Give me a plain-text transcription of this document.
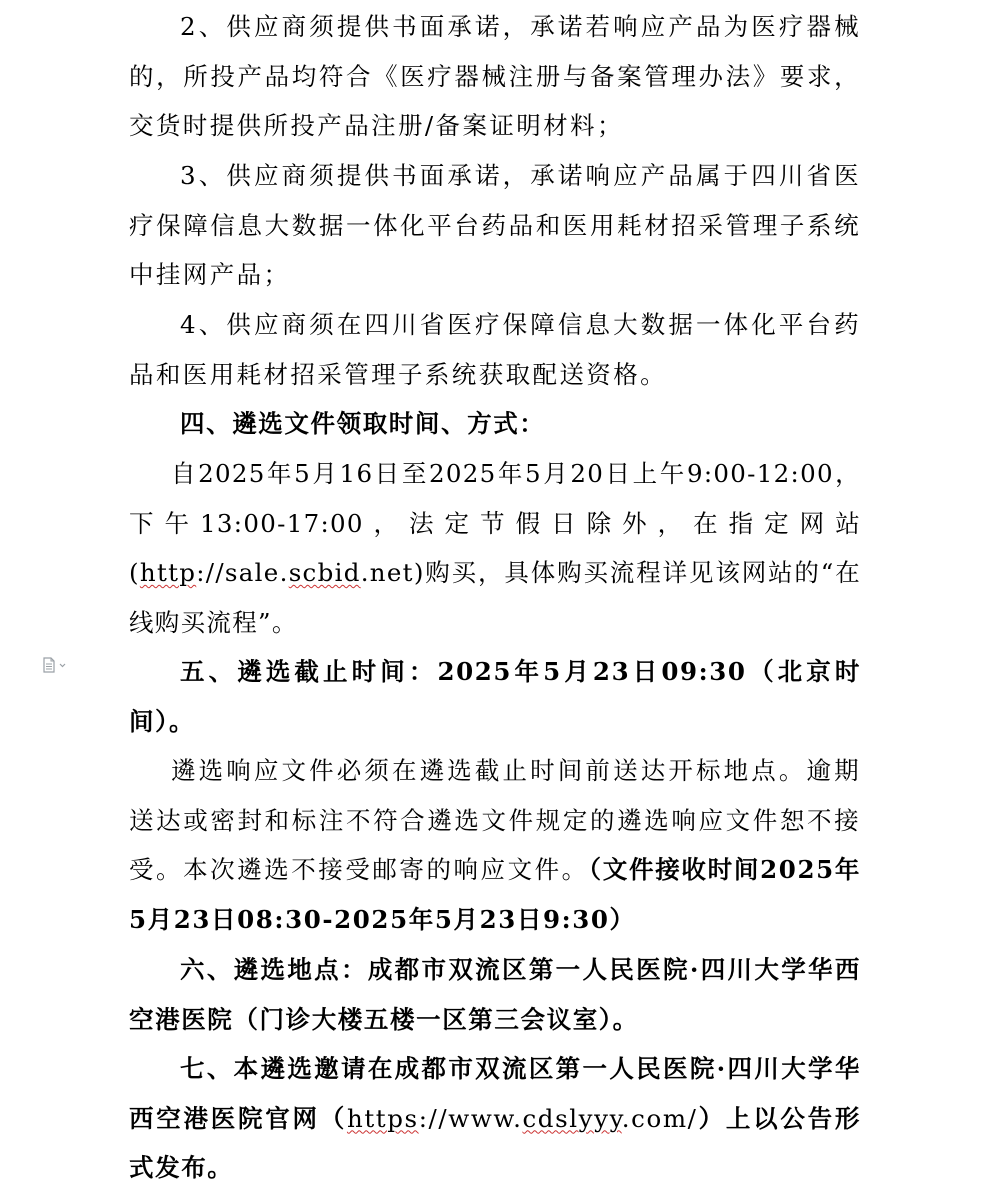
2、供应商须提供书面承诺，承诺若响应产品为医疗器械的，所投产品均符合《医疗器械注册与备案管理办法》要求，交货时提供所投产品注册/备案证明材料；

3、供应商须提供书面承诺，承诺响应产品属于四川省医疗保障信息大数据一体化平台药品和医用耗材招采管理子系统中挂网产品；

4、供应商须在四川省医疗保障信息大数据一体化平台药品和医用耗材招采管理子系统获取配送资格。

四、遴选文件领取时间、方式：

自2025年5月16日至2025年5月20日上午9:00-12:00，下午13:00-17:00，法定节假日除外，在指定网站(http://sale.scbid.net)购买，具体购买流程详见该网站的“在线购买流程”。

五、遴选截止时间：2025年5月23日09:30（北京时间）。

遴选响应文件必须在遴选截止时间前送达开标地点。逾期送达或密封和标注不符合遴选文件规定的遴选响应文件恕不接受。本次遴选不接受邮寄的响应文件。（文件接收时间2025年5月23日08:30-2025年5月23日9:30）

六、遴选地点：成都市双流区第一人民医院·四川大学华西空港医院（门诊大楼五楼一区第三会议室）。

七、本遴选邀请在成都市双流区第一人民医院·四川大学华西空港医院官网（https://www.cdslyyy.com/）上以公告形式发布。
